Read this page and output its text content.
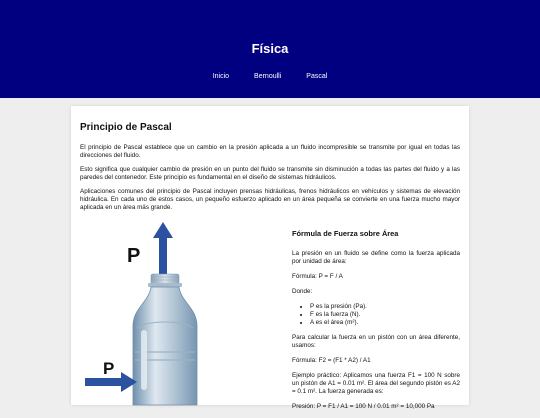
Física
Inicio	Bernoulli	Pascal
Principio de Pascal

El principio de Pascal establece que un cambio en la presión aplicada a un fluido incompresible se transmite por igual en todas las direcciones del fluido.

Esto significa que cualquier cambio de presión en un punto del fluido se transmite sin disminución a todas las partes del fluido y a las paredes del contenedor. Este principio es fundamental en el diseño de sistemas hidráulicos.

Aplicaciones comunes del principio de Pascal incluyen prensas hidráulicas, frenos hidráulicos en vehículos y sistemas de elevación hidráulica. En cada uno de estos casos, un pequeño esfuerzo aplicado en un área pequeña se convierte en una fuerza mucho mayor aplicada en un área más grande.

P
P
Fórmula de Fuerza sobre Área

La presión en un fluido se define como la fuerza aplicada por unidad de área:

Fórmula: P = F / A

Donde:

• P es la presión (Pa).
• F es la fuerza (N).
• A es el área (m²).

Para calcular la fuerza en un pistón con un área diferente, usamos:

Fórmula: F2 = (F1 * A2) / A1

Ejemplo práctico: Aplicamos una fuerza F1 = 100 N sobre un pistón de A1 = 0.01 m². El área del segundo pistón es A2 = 0.1 m². La fuerza generada es:

Presión: P = F1 / A1 = 100 N / 0.01 m² = 10,000 Pa
